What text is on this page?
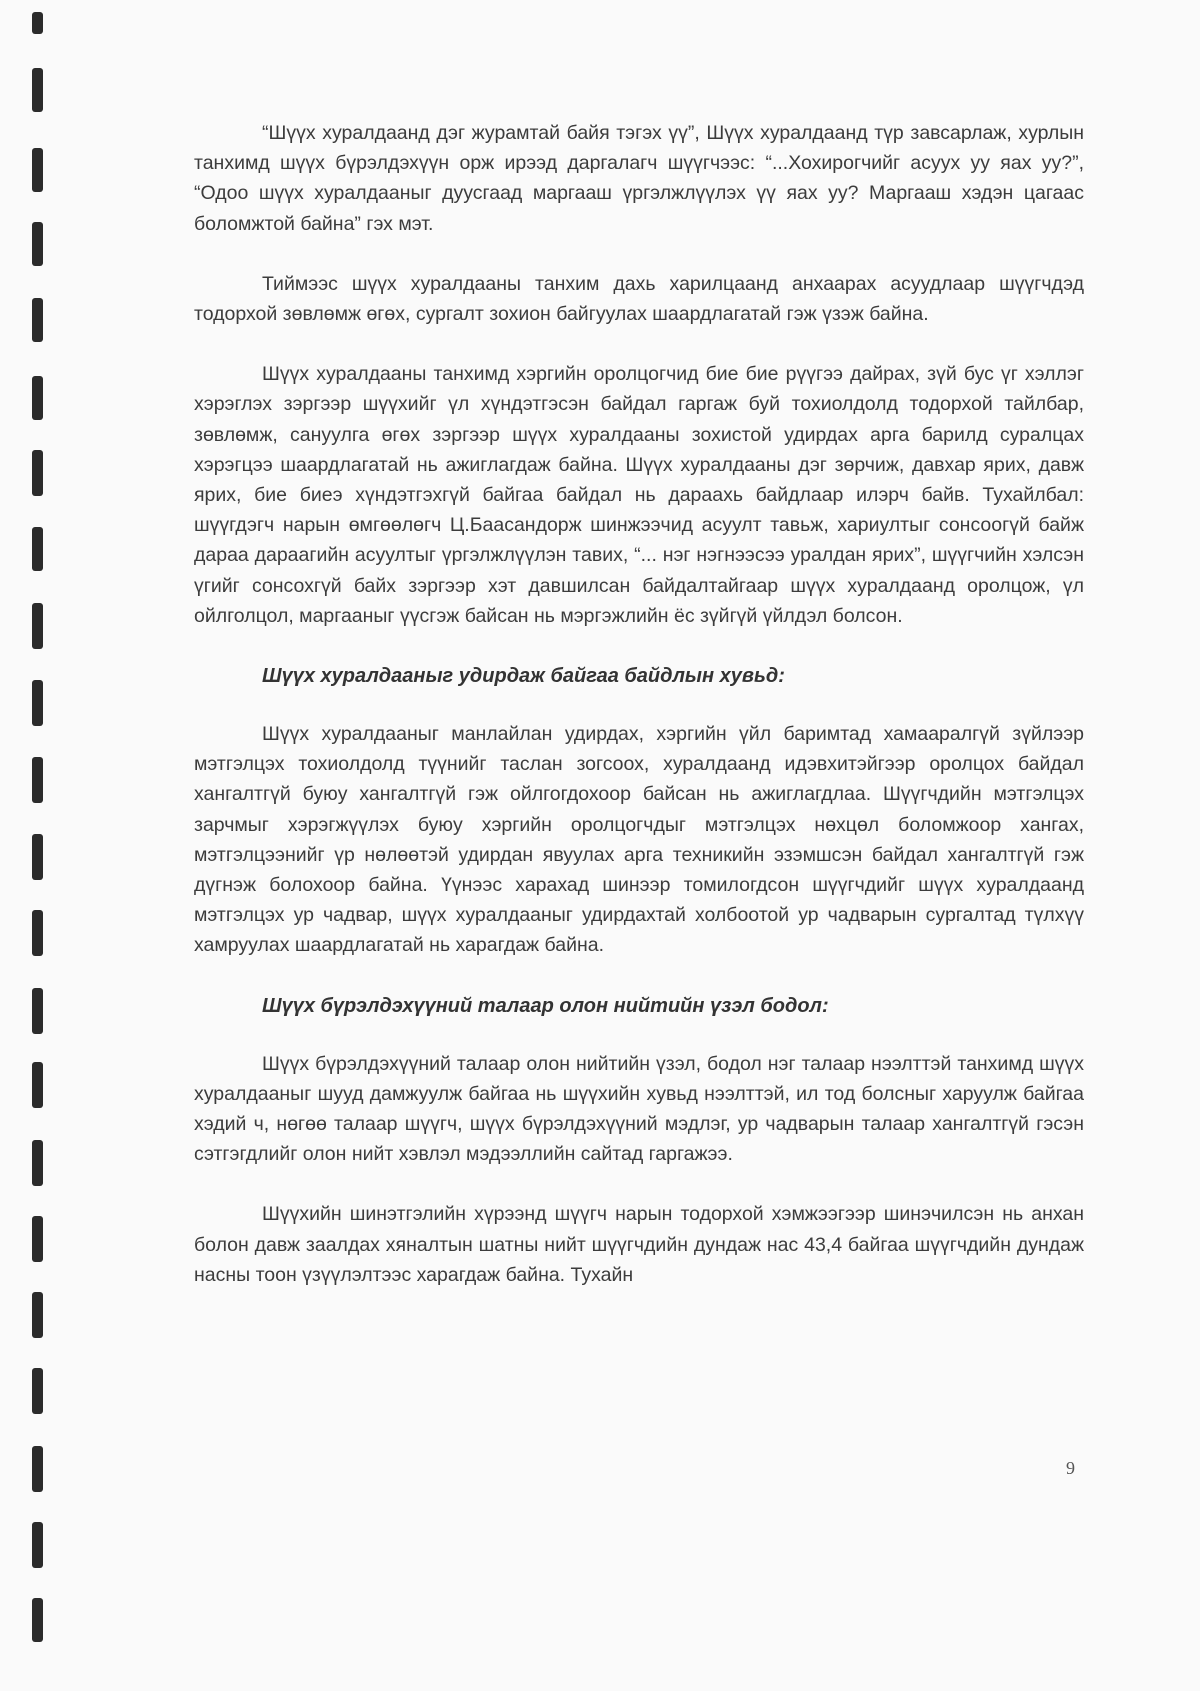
“Шүүх хуралдаанд дэг журамтай байя тэгэх үү”, Шүүх хуралдаанд түр завсарлаж, хурлын танхимд шүүх бүрэлдэхүүн орж ирээд даргалагч шүүгчээс: “...Хохирогчийг асуух уу яах уу?”, “Одоо шүүх хуралдааныг дуусгаад маргааш үргэлжлүүлэх үү яах уу? Маргааш хэдэн цагаас боломжтой байна” гэх мэт.

Тиймээс шүүх хуралдааны танхим дахь харилцаанд анхаарах асуудлаар шүүгчдэд тодорхой зөвлөмж өгөх, сургалт зохион байгуулах шаардлагатай гэж үзэж байна.

Шүүх хуралдааны танхимд хэргийн оролцогчид бие бие рүүгээ дайрах, зүй бус үг хэллэг хэрэглэх зэргээр шүүхийг үл хүндэтгэсэн байдал гаргаж буй тохиолдолд тодорхой тайлбар, зөвлөмж, сануулга өгөх зэргээр шүүх хуралдааны зохистой удирдах арга барилд суралцах хэрэгцээ шаардлагатай нь ажиглагдаж байна. Шүүх хуралдааны дэг зөрчиж, давхар ярих, давж ярих, бие биеэ хүндэтгэхгүй байгаа байдал нь дараахь байдлаар илэрч байв. Тухайлбал: шүүгдэгч нарын өмгөөлөгч Ц.Баасандорж шинжээчид асуулт тавьж, хариултыг сонсоогүй байж дараа дараагийн асуултыг үргэлжлүүлэн тавих, “... нэг нэгнээсээ уралдан ярих”, шүүгчийн хэлсэн үгийг сонсохгүй байх зэргээр хэт давшилсан байдалтайгаар шүүх хуралдаанд оролцож, үл ойлголцол, маргааныг үүсгэж байсан нь мэргэжлийн ёс зүйгүй үйлдэл болсон.

Шүүх хуралдааныг удирдаж байгаа байдлын хувьд:

Шүүх хуралдааныг манлайлан удирдах, хэргийн үйл баримтад хамааралгүй зүйлээр мэтгэлцэх тохиолдолд түүнийг таслан зогсоох, хуралдаанд идэвхитэйгээр оролцох байдал хангалтгүй буюу хангалтгүй гэж ойлгогдохоор байсан нь ажиглагдлаа. Шүүгчдийн мэтгэлцэх зарчмыг хэрэгжүүлэх буюу хэргийн оролцогчдыг мэтгэлцэх нөхцөл боломжоор хангах, мэтгэлцээнийг үр нөлөөтэй удирдан явуулах арга техникийн эзэмшсэн байдал хангалтгүй гэж дүгнэж болохоор байна. Үүнээс харахад шинээр томилогдсон шүүгчдийг шүүх хуралдаанд мэтгэлцэх ур чадвар, шүүх хуралдааныг удирдахтай холбоотой ур чадварын сургалтад түлхүү хамруулах шаардлагатай нь харагдаж байна.

Шүүх бүрэлдэхүүний талаар олон нийтийн үзэл бодол:

Шүүх бүрэлдэхүүний талаар олон нийтийн үзэл, бодол нэг талаар нээлттэй танхимд шүүх хуралдааныг шууд дамжуулж байгаа нь шүүхийн хувьд нээлттэй, ил тод болсныг харуулж байгаа хэдий ч, нөгөө талаар шүүгч, шүүх бүрэлдэхүүний мэдлэг, ур чадварын талаар хангалтгүй гэсэн сэтгэгдлийг олон нийт хэвлэл мэдээллийн сайтад гаргажээ.

Шүүхийн шинэтгэлийн хүрээнд шүүгч нарын тодорхой хэмжээгээр шинэчилсэн нь анхан болон давж заалдах хяналтын шатны нийт шүүгчдийн дундаж нас 43,4 байгаа шүүгчдийн дундаж насны тоон үзүүлэлтээс харагдаж байна. Тухайн

9
